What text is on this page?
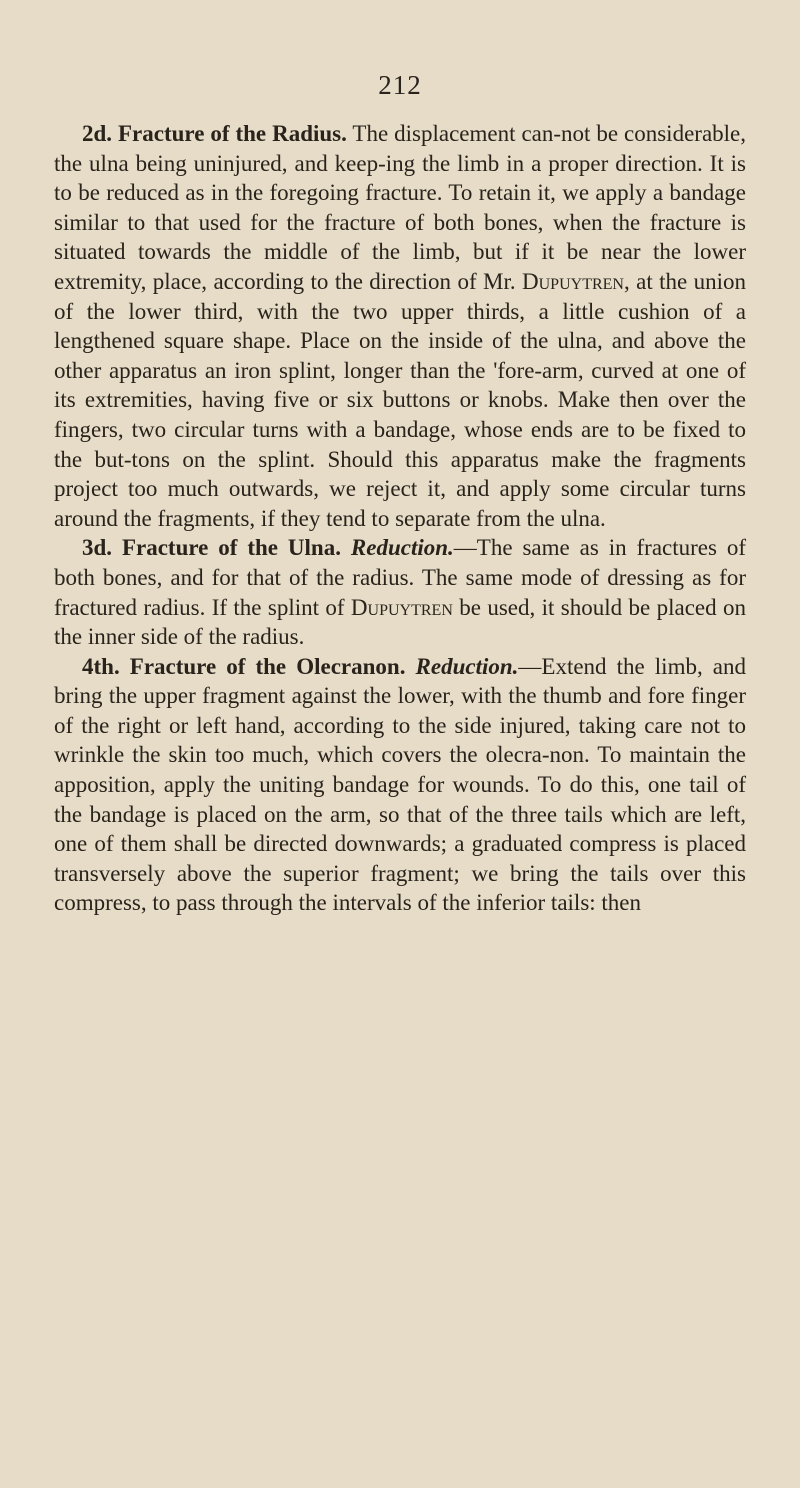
212

2d. Fracture of the Radius. The displacement can-not be considerable, the ulna being uninjured, and keep-ing the limb in a proper direction. It is to be reduced as in the foregoing fracture. To retain it, we apply a bandage similar to that used for the fracture of both bones, when the fracture is situated towards the middle of the limb, but if it be near the lower extremity, place, according to the direction of Mr. Dupuytren, at the union of the lower third, with the two upper thirds, a little cushion of a lengthened square shape. Place on the inside of the ulna, and above the other apparatus an iron splint, longer than the 'fore-arm, curved at one of its extremities, having five or six buttons or knobs. Make then over the fingers, two circular turns with a bandage, whose ends are to be fixed to the but-tons on the splint. Should this apparatus make the fragments project too much outwards, we reject it, and apply some circular turns around the fragments, if they tend to separate from the ulna.

3d. Fracture of the Ulna. Reduction.—The same as in fractures of both bones, and for that of the radius. The same mode of dressing as for fractured radius. If the splint of Dupuytren be used, it should be placed on the inner side of the radius.

4th. Fracture of the Olecranon. Reduction.—Extend the limb, and bring the upper fragment against the lower, with the thumb and fore finger of the right or left hand, according to the side injured, taking care not to wrinkle the skin too much, which covers the olecra-non. To maintain the apposition, apply the uniting bandage for wounds. To do this, one tail of the bandage is placed on the arm, so that of the three tails which are left, one of them shall be directed downwards; a graduated compress is placed transversely above the superior fragment; we bring the tails over this compress, to pass through the intervals of the inferior tails: then
